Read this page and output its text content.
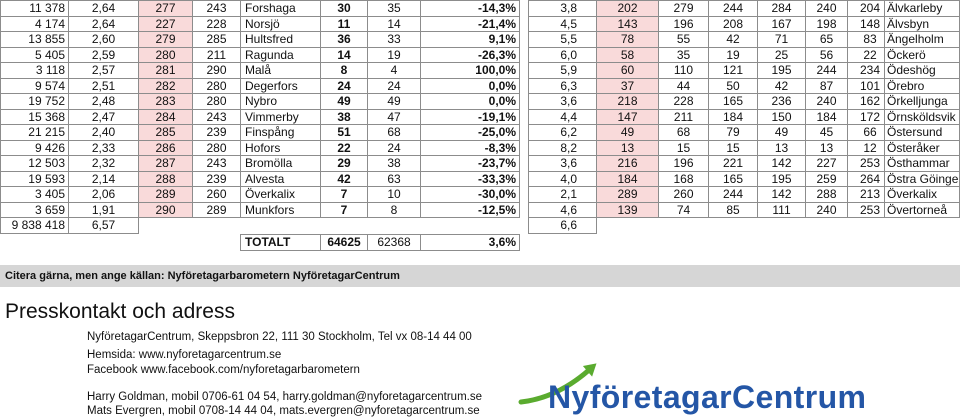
11 378	2,64	277	243	Forshaga	30	35	-14,3%
4 174	2,64	227	228	Norsjö	11	14	-21,4%
13 855	2,60	279	285	Hultsfred	36	33	9,1%
5 405	2,59	280	211	Ragunda	14	19	-26,3%
3 118	2,57	281	290	Malå	8	4	100,0%
9 574	2,51	282	280	Degerfors	24	24	0,0%
19 752	2,48	283	280	Nybro	49	49	0,0%
15 368	2,47	284	243	Vimmerby	38	47	-19,1%
21 215	2,40	285	239	Finspång	51	68	-25,0%
9 426	2,33	286	280	Hofors	22	24	-8,3%
12 503	2,32	287	243	Bromölla	29	38	-23,7%
19 593	2,14	288	239	Alvesta	42	63	-33,3%
3 405	2,06	289	260	Överkalix	7	10	-30,0%
3 659	1,91	290	289	Munkfors	7	8	-12,5%
3,8	202	279	244	284	240	204 Älvkarleby
4,5	143	196	208	167	198	148 Älvsbyn
5,5	78	55	42	71	65	83 Ängelholm
6,0	58	35	19	25	56	22 Öckerö
5,9	60	110	121	195	244	234 Ödeshög
6,3	37	44	50	42	87	101 Örebro
3,6	218	228	165	236	240	162 Örkelljunga
4,4	147	211	184	150	184	172 Örnsköldsvik
6,2	49	68	79	49	45	66 Östersund
8,2	13	15	15	13	13	12 Österåker
3,6	216	196	221	142	227	253 Östhammar
4,0	184	168	165	195	259	264 Östra Göinge
2,1	289	260	244	142	288	213 Överkalix
4,6	139	74	85	111	240	253 Övertorneå
9 838 418	6,57	6,6
TOTALT	64625	62368	3,6%
Citera gärna, men ange källan: Nyföretagarbarometern NyföretagarCentrum
Presskontakt och adress
NyföretagarCentrum, Skeppsbron 22, 111 30 Stockholm, Tel vx 08-14 44 00
Hemsida: www.nyforetagarcentrum.se
Facebook www.facebook.com/nyforetagarbarometern
Harry Goldman, mobil 0706-61 04 54, harry.goldman@nyforetagarcentrum.se
Mats Evergren, mobil 0708-14 44 04, mats.evergren@nyforetagarcentrum.se NyföretagarCentrum
